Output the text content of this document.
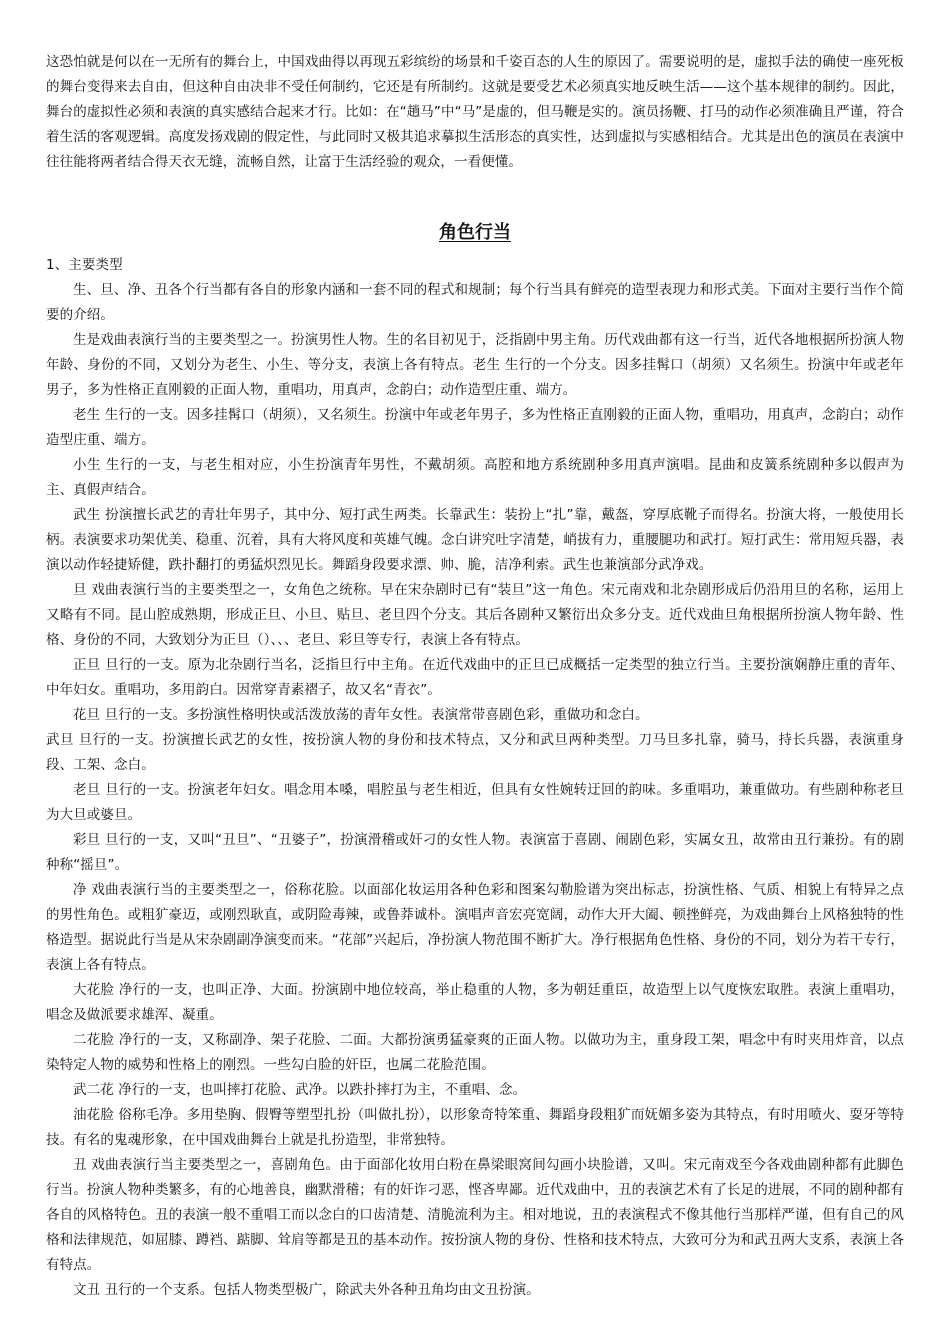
这恐怕就是何以在一无所有的舞台上，中国戏曲得以再现五彩缤纷的场景和千姿百态的人生的原因了。需要说明的是，虚拟手法的确使一座死板的舞台变得来去自由，但这种自由决非不受任何制约，它还是有所制约。这就是要受艺术必须真实地反映生活——这个基本规律的制约。因此，舞台的虚拟性必须和表演的真实感结合起来才行。比如：在“趟马”中“马”是虚的，但马鞭是实的。演员扬鞭、打马的动作必须准确且严谨，符合着生活的客观逻辑。高度发扬戏剧的假定性，与此同时又极其追求摹拟生活形态的真实性，达到虚拟与实感相结合。尤其是出色的演员在表演中往往能将两者结合得天衣无缝，流畅自然，让富于生活经验的观众，一看便懂。

角色行当

1、主要类型

生、旦、净、丑各个行当都有各自的形象内涵和一套不同的程式和规制；每个行当具有鲜亮的造型表现力和形式美。下面对主要行当作个简要的介绍。

生是戏曲表演行当的主要类型之一。扮演男性人物。生的名目初见于，泛指剧中男主角。历代戏曲都有这一行当，近代各地根据所扮演人物年龄、身份的不同，又划分为老生、小生、等分支，表演上各有特点。老生 生行的一个分支。因多挂髯口（胡须）又名须生。扮演中年或老年男子，多为性格正直刚毅的正面人物，重唱功，用真声，念韵白；动作造型庄重、端方。

老生 生行的一支。因多挂髯口（胡须），又名须生。扮演中年或老年男子，多为性格正直刚毅的正面人物，重唱功，用真声，念韵白；动作造型庄重、端方。

小生 生行的一支，与老生相对应，小生扮演青年男性，不戴胡须。高腔和地方系统剧种多用真声演唱。昆曲和皮簧系统剧种多以假声为主、真假声结合。

武生 扮演擅长武艺的青壮年男子，其中分、短打武生两类。长靠武生：装扮上“扎”靠，戴盔，穿厚底靴子而得名。扮演大将，一般使用长柄。表演要求功架优美、稳重、沉着，具有大将风度和英雄气魄。念白讲究吐字清楚，峭拔有力，重腰腿功和武打。短打武生：常用短兵器，表演以动作轻捷矫健，跌扑翻打的勇猛炽烈见长。舞蹈身段要求漂、帅、脆，洁净利索。武生也兼演部分武净戏。

旦 戏曲表演行当的主要类型之一，女角色之统称。早在宋杂剧时已有“装旦”这一角色。宋元南戏和北杂剧形成后仍沿用旦的名称，运用上又略有不同。昆山腔成熟期，形成正旦、小旦、贴旦、老旦四个分支。其后各剧种又繁衍出众多分支。近代戏曲旦角根据所扮演人物年龄、性格、身份的不同，大致划分为正旦（）、、、老旦、彩旦等专行，表演上各有特点。

正旦 旦行的一支。原为北杂剧行当名，泛指旦行中主角。在近代戏曲中的正旦已成概括一定类型的独立行当。主要扮演娴静庄重的青年、中年妇女。重唱功，多用韵白。因常穿青素褶子，故又名“青衣”。

花旦 旦行的一支。多扮演性格明快或活泼放荡的青年女性。表演常带喜剧色彩，重做功和念白。

武旦 旦行的一支。扮演擅长武艺的女性，按扮演人物的身份和技术特点，又分和武旦两种类型。刀马旦多扎靠，骑马，持长兵器，表演重身段、工架、念白。

老旦 旦行的一支。扮演老年妇女。唱念用本嗓，唱腔虽与老生相近，但具有女性婉转迂回的韵味。多重唱功，兼重做功。有些剧种称老旦为大旦或婆旦。

彩旦 旦行的一支，又叫“丑旦”、“丑婆子”，扮演滑稽或奸刁的女性人物。表演富于喜剧、闹剧色彩，实属女丑，故常由丑行兼扮。有的剧种称“摇旦”。

净 戏曲表演行当的主要类型之一，俗称花脸。以面部化妆运用各种色彩和图案勾勒脸谱为突出标志，扮演性格、气质、相貌上有特异之点的男性角色。或粗犷豪迈，或刚烈耿直，或阴险毒辣，或鲁莽诚朴。演唱声音宏亮宽阔，动作大开大阖、顿挫鲜亮，为戏曲舞台上风格独特的性格造型。据说此行当是从宋杂剧副净演变而来。“花部”兴起后，净扮演人物范围不断扩大。净行根据角色性格、身份的不同，划分为若干专行，表演上各有特点。

大花脸 净行的一支，也叫正净、大面。扮演剧中地位较高，举止稳重的人物，多为朝廷重臣，故造型上以气度恢宏取胜。表演上重唱功，唱念及做派要求雄浑、凝重。

二花脸 净行的一支，又称副净、架子花脸、二面。大都扮演勇猛豪爽的正面人物。以做功为主，重身段工架，唱念中有时夹用炸音，以点染特定人物的威势和性格上的刚烈。一些勾白脸的奸臣，也属二花脸范围。

武二花 净行的一支，也叫摔打花脸、武净。以跌扑摔打为主，不重唱、念。

油花脸 俗称毛净。多用垫胸、假臀等塑型扎扮（叫做扎扮），以形象奇特笨重、舞蹈身段粗犷而妩媚多姿为其特点，有时用喷火、耍牙等特技。有名的鬼魂形象，在中国戏曲舞台上就是扎扮造型，非常独特。

丑 戏曲表演行当主要类型之一，喜剧角色。由于面部化妆用白粉在鼻梁眼窝间勾画小块脸谱，又叫。宋元南戏至今各戏曲剧种都有此脚色行当。扮演人物种类繁多，有的心地善良，幽默滑稽；有的奸诈刁恶，悭吝卑鄙。近代戏曲中，丑的表演艺术有了长足的进展，不同的剧种都有各自的风格特色。丑的表演一般不重唱工而以念白的口齿清楚、清脆流利为主。相对地说，丑的表演程式不像其他行当那样严谨，但有自己的风格和法律规范，如屈膝、蹲裆、踮脚、耸肩等都是丑的基本动作。按扮演人物的身份、性格和技术特点，大致可分为和武丑两大支系，表演上各有特点。

文丑 丑行的一个支系。包括人物类型极广，除武夫外各种丑角均由文丑扮演。
